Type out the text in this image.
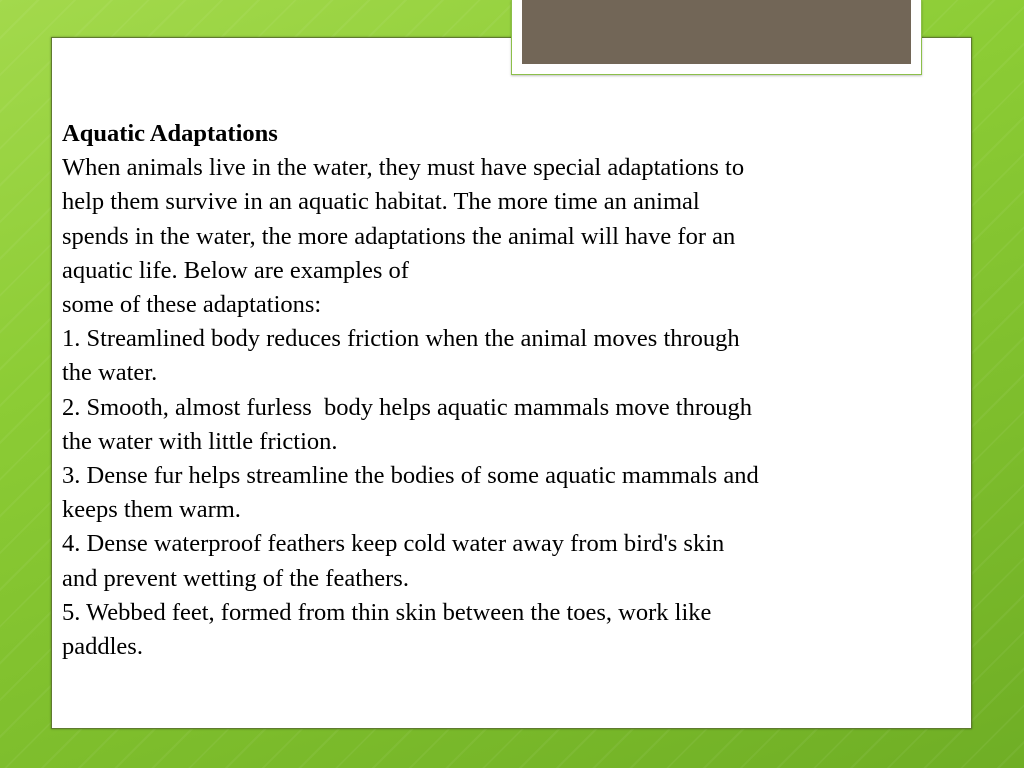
Aquatic Adaptations

When animals live in the water, they must have special adaptations to

help them survive in an aquatic habitat. The more time an animal

spends in the water, the more adaptations the animal will have for an

aquatic life. Below are examples of

some of these adaptations:

1. Streamlined body reduces friction when the animal moves through

the water.

2. Smooth, almost furless  body helps aquatic mammals move through

the water with little friction.

3. Dense fur helps streamline the bodies of some aquatic mammals and

keeps them warm.

4. Dense waterproof feathers keep cold water away from bird's skin

and prevent wetting of the feathers.

5. Webbed feet, formed from thin skin between the toes, work like

paddles.
